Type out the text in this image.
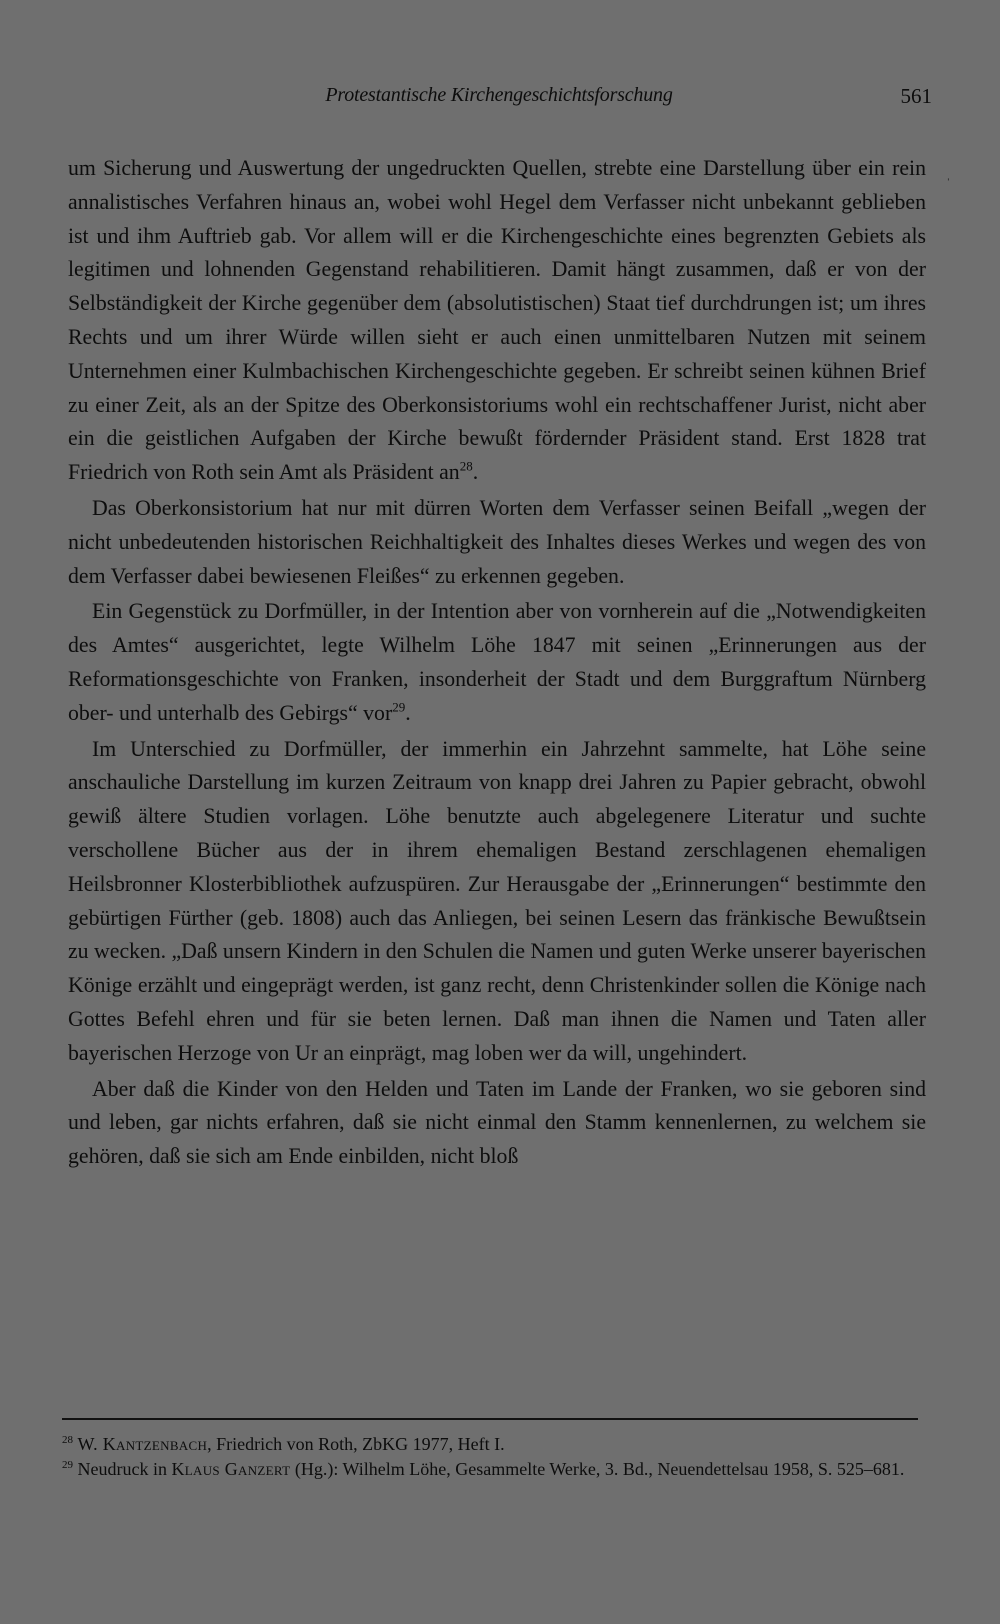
Protestantische Kirchengeschichtsforschung	561
ˈ

um Sicherung und Auswertung der ungedruckten Quellen, strebte eine Darstellung über ein rein annalistisches Verfahren hinaus an, wobei wohl Hegel dem Verfasser nicht unbekannt geblieben ist und ihm Auftrieb gab. Vor allem will er die Kirchengeschichte eines begrenzten Gebiets als legitimen und lohnenden Gegenstand rehabilitieren. Damit hängt zusammen, daß er von der Selbständigkeit der Kirche gegenüber dem (absolutistischen) Staat tief durchdrungen ist; um ihres Rechts und um ihrer Würde willen sieht er auch einen unmittelbaren Nutzen mit seinem Unternehmen einer Kulmbachischen Kirchengeschichte gegeben. Er schreibt seinen kühnen Brief zu einer Zeit, als an der Spitze des Oberkonsistoriums wohl ein rechtschaffener Jurist, nicht aber ein die geistlichen Aufgaben der Kirche bewußt fördernder Präsident stand. Erst 1828 trat Friedrich von Roth sein Amt als Präsident $an^{28}$.

Das Oberkonsistorium hat nur mit dürren Worten dem Verfasser seinen Beifall „wegen der nicht unbedeutenden historischen Reichhaltigkeit des Inhaltes dieses Werkes und wegen des von dem Verfasser dabei bewiesenen Fleißes“ zu erkennen gegeben.

Ein Gegenstück zu Dorfmüller, in der Intention aber von vornherein auf die „Notwendigkeiten des Amtes“ ausgerichtet, legte Wilhelm Löhe 1847 mit seinen „Erinnerungen aus der Reformationsgeschichte von Franken, insonderheit der Stadt und dem Burggraftum Nürnberg ober- und unterhalb des Gebirgs“ vor$^{29}$.

Im Unterschied zu Dorfmüller, der immerhin ein Jahrzehnt sammelte, hat Löhe seine anschauliche Darstellung im kurzen Zeitraum von knapp drei Jahren zu Papier gebracht, obwohl gewiß ältere Studien vorlagen. Löhe benutzte auch abgelegenere Literatur und suchte verschollene Bücher aus der in ihrem ehemaligen Bestand zerschlagenen ehemaligen Heilsbronner Klosterbibliothek aufzuspüren. Zur Herausgabe der „Erinnerungen“ bestimmte den gebürtigen Fürther (geb. 1808) auch das Anliegen, bei seinen Lesern das fränkische Bewußtsein zu wecken. „Daß unsern Kindern in den Schulen die Namen und guten Werke unserer bayerischen Könige erzählt und eingeprägt werden, ist ganz recht, denn Christenkinder sollen die Könige nach Gottes Befehl ehren und für sie beten lernen. Daß man ihnen die Namen und Taten aller bayerischen Herzoge von Ur an einprägt, mag loben wer da will, ungehindert.

Aber daß die Kinder von den Helden und Taten im Lande der Franken, wo sie geboren sind und leben, gar nichts erfahren, daß sie nicht einmal den Stamm kennenlernen, zu welchem sie gehören, daß sie sich am Ende einbilden, nicht bloß

$^{28}$ W. Kantzenbach, Friedrich von Roth, ZbKG 1977, Heft I.

$^{29}$ Neudruck in Klaus Ganzert (Hg.): Wilhelm Löhe, Gesammelte Werke, 3. Bd., Neuendettelsau 1958, S. 525–681.
